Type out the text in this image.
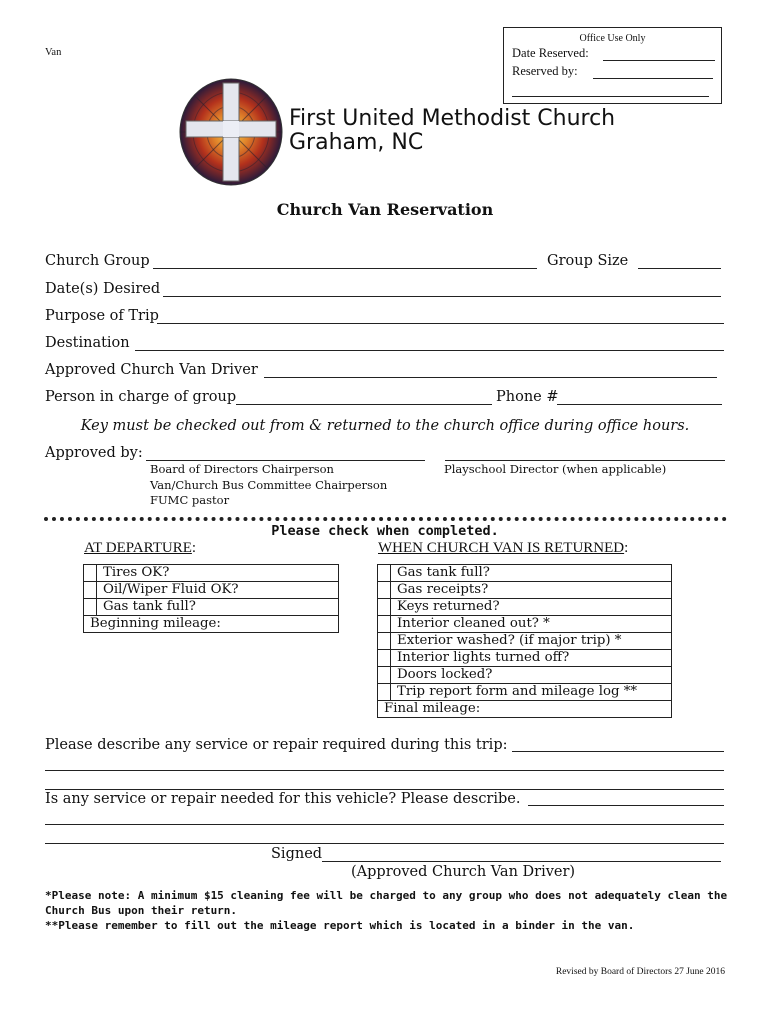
Van
Office Use Only
Date Reserved:
Reserved by:
First United Methodist Church
Graham, NC
Church Van Reservation
Church Group	Group Size
Date(s) Desired
Purpose of Trip
Destination
Approved Church Van Driver
Person in charge of group	Phone #
Key must be checked out from & returned to the church office during office hours.
Approved by:
Board of Directors Chairperson
Van/Church Bus Committee Chairperson
FUMC pastor
Playschool Director (when applicable)
Please check when completed.
AT DEPARTURE:	WHEN CHURCH VAN IS RETURNED:
	Tires OK?
	Oil/Wiper Fluid OK?
	Gas tank full?
Beginning mileage:	
	Gas tank full?
	Gas receipts?
	Keys returned?
	Interior cleaned out? *
	Exterior washed? (if major trip) *
	Interior lights turned off?
	Doors locked?
	Trip report form and mileage log **
Final mileage:	
Please describe any service or repair required during this trip:
Is any service or repair needed for this vehicle? Please describe.
Signed
(Approved Church Van Driver)
*Please note: A minimum $15 cleaning fee will be charged to any group who does not adequately clean the Church Bus upon their return.
**Please remember to fill out the mileage report which is located in a binder in the van.
Revised by Board of Directors 27 June 2016
